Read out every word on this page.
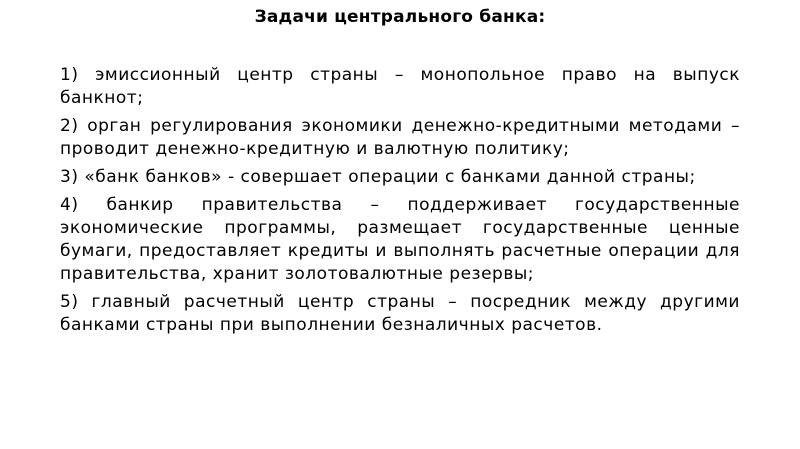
Задачи центрального банка:
1) эмиссионный центр страны – монопольное право на выпуск банкнот;
2) орган регулирования экономики денежно-кредитными методами – проводит денежно-кредитную и валютную политику;
3) «банк банков» - совершает операции с банками данной страны;
4) банкир правительства – поддерживает государственные экономические программы, размещает государственные ценные бумаги, предоставляет кредиты и выполнять расчетные операции для правительства, хранит золотовалютные резервы;
5) главный расчетный центр страны – посредник между другими банками страны при выполнении безналичных расчетов.
